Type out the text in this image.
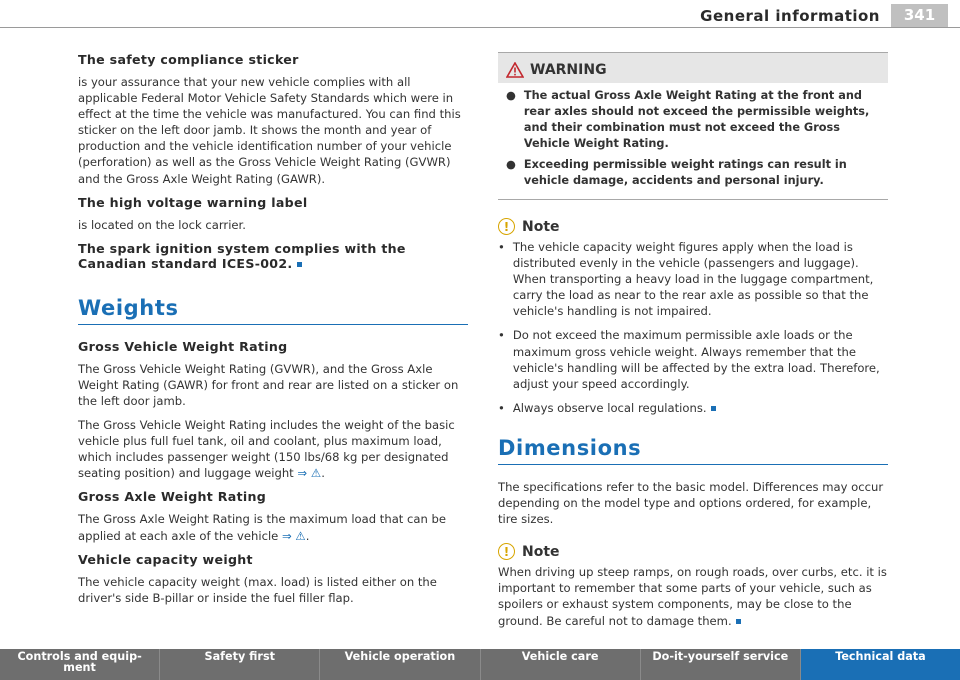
General information	341
The safety compliance sticker

is your assurance that your new vehicle complies with all applicable Federal Motor Vehicle Safety Standards which were in effect at the time the vehicle was manufactured. You can find this sticker on the left door jamb. It shows the month and year of production and the vehicle identification number of your vehicle (perforation) as well as the Gross Vehicle Weight Rating (GVWR) and the Gross Axle Weight Rating (GAWR).

The high voltage warning label

is located on the lock carrier.

The spark ignition system complies with the Canadian standard ICES-002.
Weights
Gross Vehicle Weight Rating

The Gross Vehicle Weight Rating (GVWR), and the Gross Axle Weight Rating (GAWR) for front and rear are listed on a sticker on the left door jamb.

The Gross Vehicle Weight Rating includes the weight of the basic vehicle plus full fuel tank, oil and coolant, plus maximum load, which includes passenger weight (150 lbs/68 kg per designated seating position) and luggage weight ⇒ ⚠.

Gross Axle Weight Rating

The Gross Axle Weight Rating is the maximum load that can be applied at each axle of the vehicle ⇒ ⚠.

Vehicle capacity weight

The vehicle capacity weight (max. load) is listed either on the driver's side B-pillar or inside the fuel filler flap.

WARNING
● The actual Gross Axle Weight Rating at the front and rear axles should not exceed the permissible weights, and their combination must not exceed the Gross Vehicle Weight Rating.
● Exceeding permissible weight ratings can result in vehicle damage, accidents and personal injury.
! Note

• The vehicle capacity weight figures apply when the load is distributed evenly in the vehicle (passengers and luggage). When transporting a heavy load in the luggage compartment, carry the load as near to the rear axle as possible so that the vehicle's handling is not impaired.

• Do not exceed the maximum permissible axle loads or the maximum gross vehicle weight. Always remember that the vehicle's handling will be affected by the extra load. Therefore, adjust your speed accordingly.

• Always observe local regulations.

Dimensions

The specifications refer to the basic model. Differences may occur depending on the model type and options ordered, for example, tire sizes.

! Note

When driving up steep ramps, on rough roads, over curbs, etc. it is important to remember that some parts of your vehicle, such as spoilers or exhaust system components, may be close to the ground. Be careful not to damage them.

Controls and equip- ment
Safety first	Vehicle operation	Vehicle care	Do-it-yourself service	Technical data
